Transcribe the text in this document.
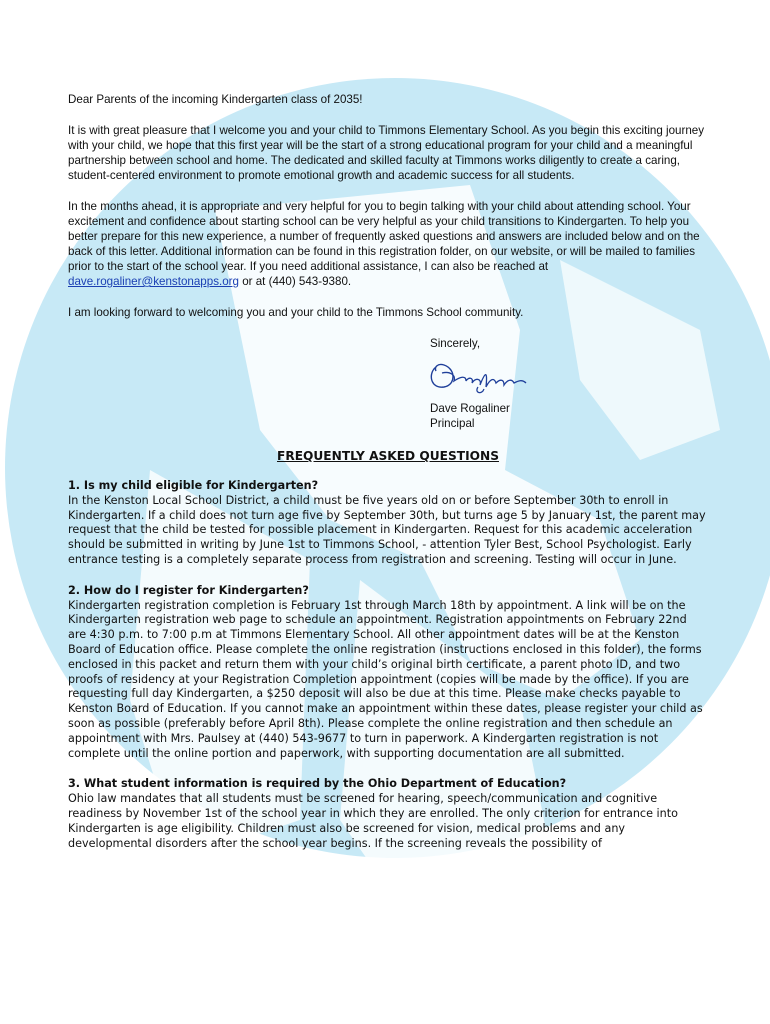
Dear Parents of the incoming Kindergarten class of 2035!

It is with great pleasure that I welcome you and your child to Timmons Elementary School. As you begin this exciting journey with your child, we hope that this first year will be the start of a strong educational program for your child and a meaningful partnership between school and home. The dedicated and skilled faculty at Timmons works diligently to create a caring, student-centered environment to promote emotional growth and academic success for all students.

In the months ahead, it is appropriate and very helpful for you to begin talking with your child about attending school. Your excitement and confidence about starting school can be very helpful as your child transitions to Kindergarten. To help you better prepare for this new experience, a number of frequently asked questions and answers are included below and on the back of this letter. Additional information can be found in this registration folder, on our website, or will be mailed to families prior to the start of the school year. If you need additional assistance, I can also be reached at dave.rogaliner@kenstonapps.org or at (440) 543-9380.

I am looking forward to welcoming you and your child to the Timmons School community.

Sincerely,
Dave Rogaliner
Principal
FREQUENTLY ASKED QUESTIONS
1. Is my child eligible for Kindergarten?
In the Kenston Local School District, a child must be five years old on or before September 30th to enroll in Kindergarten. If a child does not turn age five by September 30th, but turns age 5 by January 1st, the parent may request that the child be tested for possible placement in Kindergarten. Request for this academic acceleration should be submitted in writing by June 1st to Timmons School, - attention Tyler Best, School Psychologist. Early entrance testing is a completely separate process from registration and screening. Testing will occur in June.
2. How do I register for Kindergarten?
Kindergarten registration completion is February 1st through March 18th by appointment. A link will be on the Kindergarten registration web page to schedule an appointment. Registration appointments on February 22nd are 4:30 p.m. to 7:00 p.m at Timmons Elementary School. All other appointment dates will be at the Kenston Board of Education office. Please complete the online registration (instructions enclosed in this folder), the forms enclosed in this packet and return them with your child’s original birth certificate, a parent photo ID, and two proofs of residency at your Registration Completion appointment (copies will be made by the office). If you are requesting full day Kindergarten, a $250 deposit will also be due at this time. Please make checks payable to Kenston Board of Education. If you cannot make an appointment within these dates, please register your child as soon as possible (preferably before April 8th). Please complete the online registration and then schedule an appointment with Mrs. Paulsey at (440) 543-9677 to turn in paperwork. A Kindergarten registration is not complete until the online portion and paperwork, with supporting documentation are all submitted.
3. What student information is required by the Ohio Department of Education?
Ohio law mandates that all students must be screened for hearing, speech/communication and cognitive readiness by November 1st of the school year in which they are enrolled. The only criterion for entrance into Kindergarten is age eligibility. Children must also be screened for vision, medical problems and any developmental disorders after the school year begins. If the screening reveals the possibility of
